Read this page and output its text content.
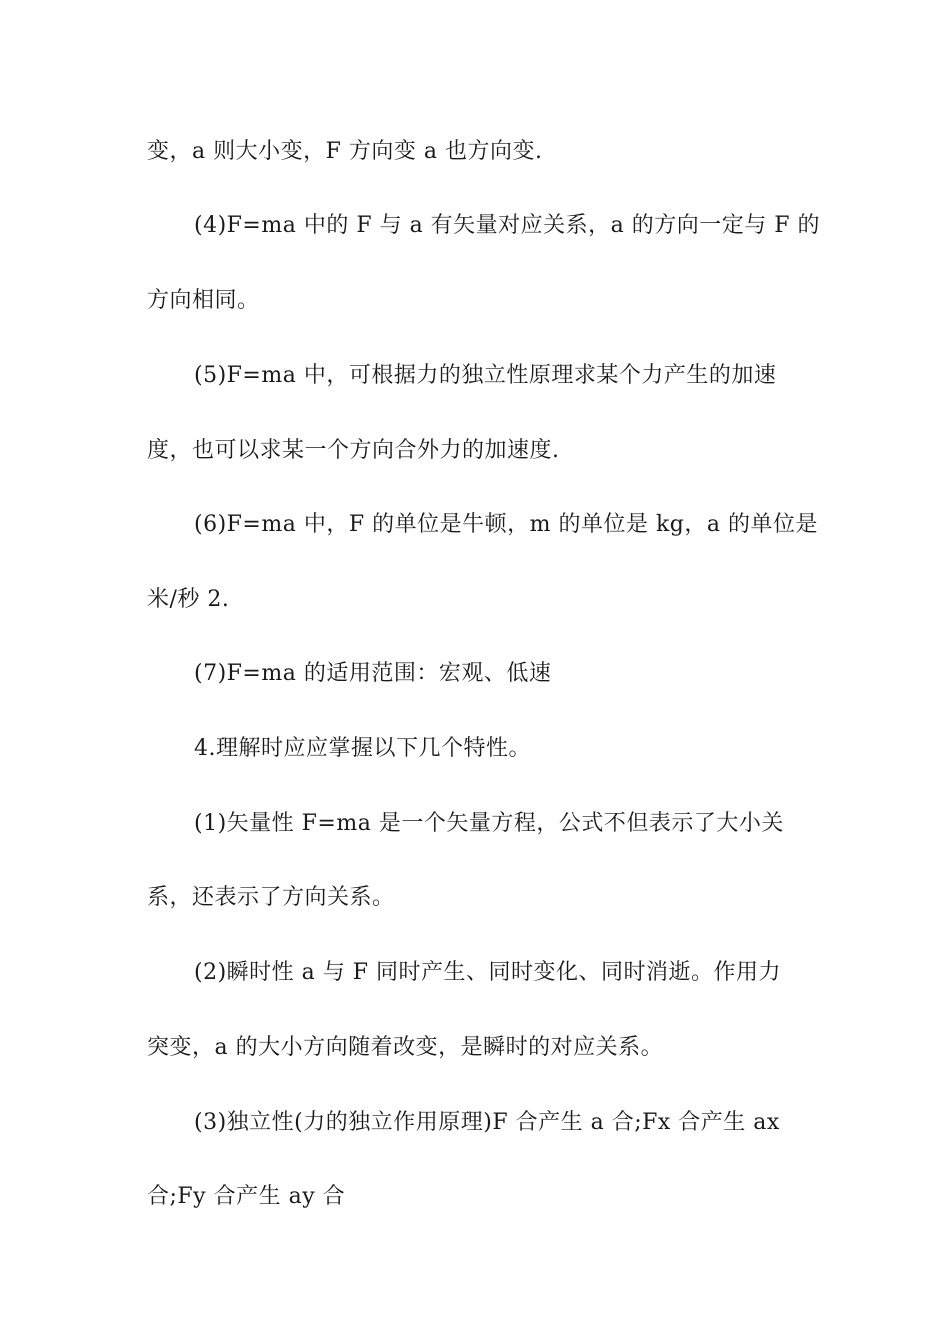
变，a 则大小变，F 方向变 a 也方向变.
(4)F=ma 中的 F 与 a 有矢量对应关系，a 的方向一定与 F 的
方向相同。
(5)F=ma 中，可根据力的独立性原理求某个力产生的加速
度，也可以求某一个方向合外力的加速度.
(6)F=ma 中，F 的单位是牛顿，m 的单位是 kg，a 的单位是
米/秒 2.
(7)F=ma 的适用范围：宏观、低速
4.理解时应应掌握以下几个特性。
(1)矢量性 F=ma 是一个矢量方程，公式不但表示了大小关
系，还表示了方向关系。
(2)瞬时性 a 与 F 同时产生、同时变化、同时消逝。作用力
突变，a 的大小方向随着改变，是瞬时的对应关系。
(3)独立性(力的独立作用原理)F 合产生 a 合;Fx 合产生 ax
合;Fy 合产生 ay 合
